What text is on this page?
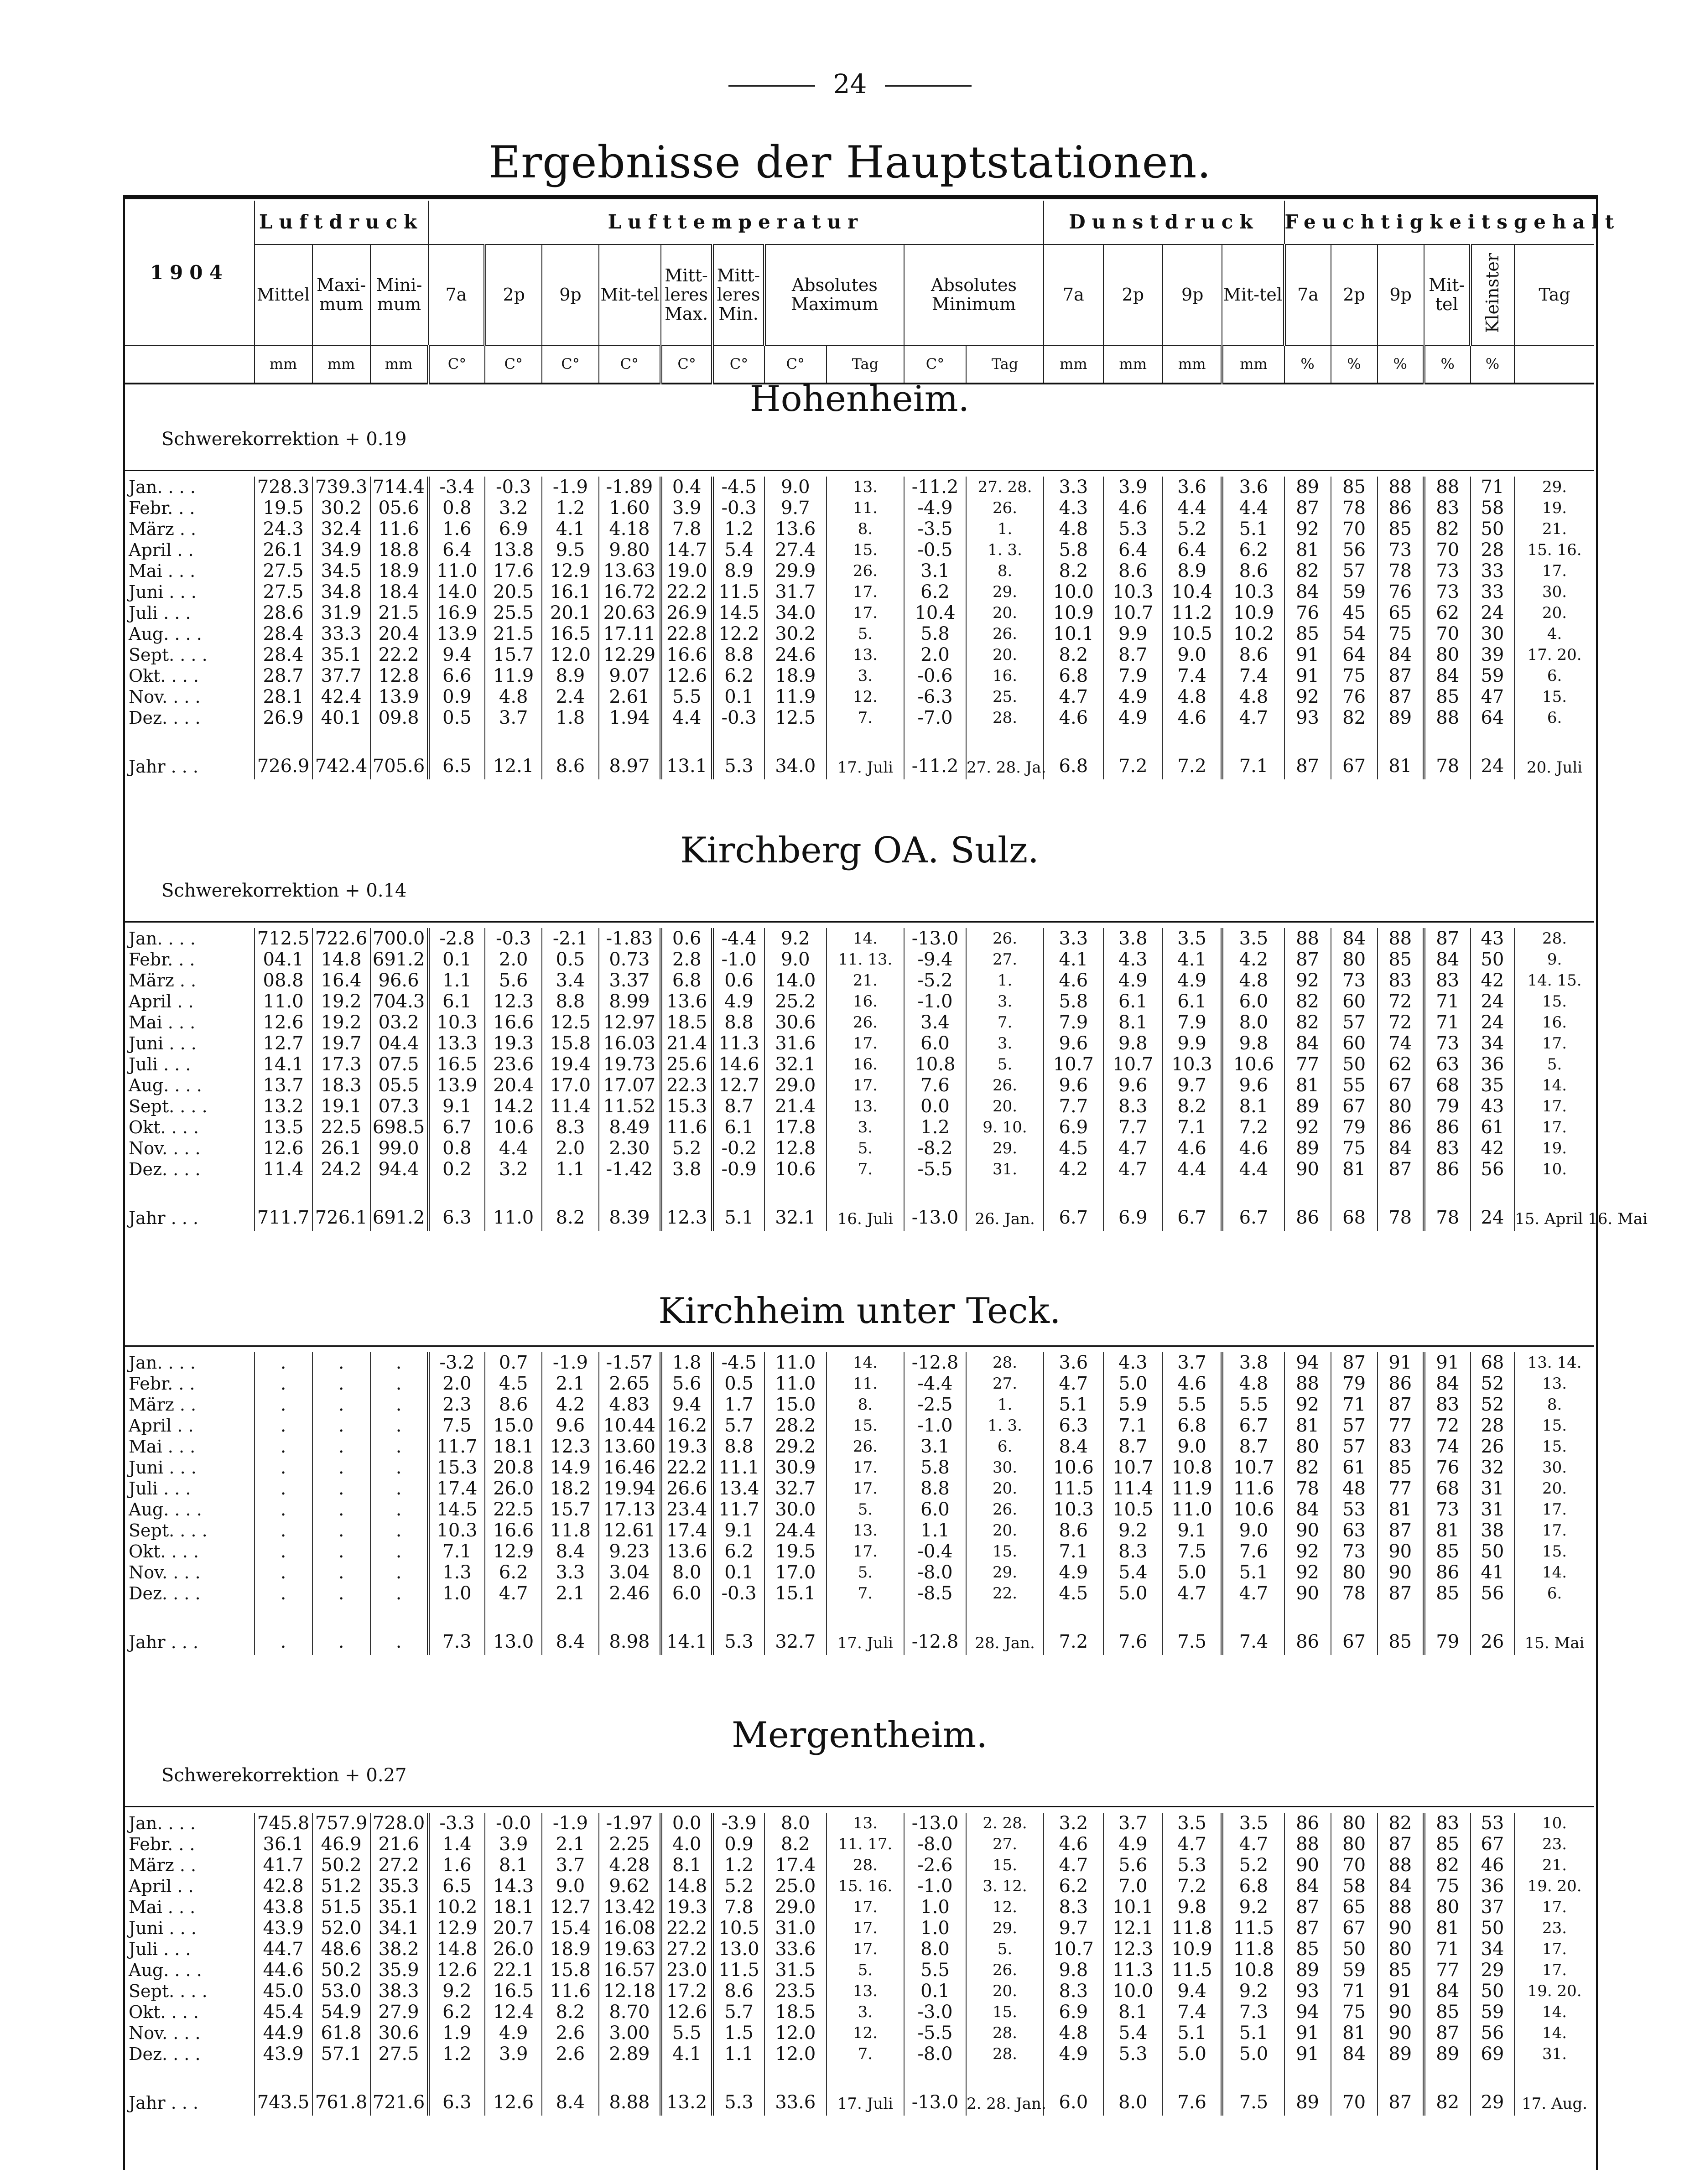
24
Ergebnisse der Hauptstationen.
1904	Luftdruck			Lufttemperatur										Dunstdruck				Feuchtigkeitsgehalt					
	Mittel	Maxi-mum	Mini-mum	7a	2p	9p	Mit-tel	Mitt-leres Max.	Mitt-leres Min.	Absolutes Maximum		Absolutes Minimum		7a	2p	9p	Mit-tel	7a	2p	9p	Mit-tel	Kleinster	Tag
	mm	mm	mm	C°	C°	C°	C°	C°	C°	C°	Tag	C°	Tag	mm	mm	mm	mm	%	%	%	%	%	
Hohenheim.
Schwerekorrektion + 0.19
Jan. . . .	728.3	739.3	714.4	-3.4	-0.3	-1.9	-1.89	0.4	-4.5	9.0	13.	-11.2	27. 28.	3.3	3.9	3.6	3.6	89	85	88	88	71	29.
Febr. . .	19.5	30.2	05.6	0.8	3.2	1.2	1.60	3.9	-0.3	9.7	11.	-4.9	26.	4.3	4.6	4.4	4.4	87	78	86	83	58	19.
März . .	24.3	32.4	11.6	1.6	6.9	4.1	4.18	7.8	1.2	13.6	8.	-3.5	1.	4.8	5.3	5.2	5.1	92	70	85	82	50	21.
April . .	26.1	34.9	18.8	6.4	13.8	9.5	9.80	14.7	5.4	27.4	15.	-0.5	1. 3.	5.8	6.4	6.4	6.2	81	56	73	70	28	15. 16.
Mai . . .	27.5	34.5	18.9	11.0	17.6	12.9	13.63	19.0	8.9	29.9	26.	3.1	8.	8.2	8.6	8.9	8.6	82	57	78	73	33	17.
Juni . . .	27.5	34.8	18.4	14.0	20.5	16.1	16.72	22.2	11.5	31.7	17.	6.2	29.	10.0	10.3	10.4	10.3	84	59	76	73	33	30.
Juli . . .	28.6	31.9	21.5	16.9	25.5	20.1	20.63	26.9	14.5	34.0	17.	10.4	20.	10.9	10.7	11.2	10.9	76	45	65	62	24	20.
Aug. . . .	28.4	33.3	20.4	13.9	21.5	16.5	17.11	22.8	12.2	30.2	5.	5.8	26.	10.1	9.9	10.5	10.2	85	54	75	70	30	4.
Sept. . . .	28.4	35.1	22.2	9.4	15.7	12.0	12.29	16.6	8.8	24.6	13.	2.0	20.	8.2	8.7	9.0	8.6	91	64	84	80	39	17. 20.
Okt. . . .	28.7	37.7	12.8	6.6	11.9	8.9	9.07	12.6	6.2	18.9	3.	-0.6	16.	6.8	7.9	7.4	7.4	91	75	87	84	59	6.
Nov. . . .	28.1	42.4	13.9	0.9	4.8	2.4	2.61	5.5	0.1	11.9	12.	-6.3	25.	4.7	4.9	4.8	4.8	92	76	87	85	47	15.
Dez. . . .	26.9	40.1	09.8	0.5	3.7	1.8	1.94	4.4	-0.3	12.5	7.	-7.0	28.	4.6	4.9	4.6	4.7	93	82	89	88	64	6.

Jahr . . .	726.9	742.4	705.6	6.5	12.1	8.6	8.97	13.1	5.3	34.0	17. Juli	-11.2	27. 28. Ja.	6.8	7.2	7.2	7.1	87	67	81	78	24	20. Juli
Kirchberg OA. Sulz.
Schwerekorrektion + 0.14
Jan. . . .	712.5	722.6	700.0	-2.8	-0.3	-2.1	-1.83	0.6	-4.4	9.2	14.	-13.0	26.	3.3	3.8	3.5	3.5	88	84	88	87	43	28.
Febr. . .	04.1	14.8	691.2	0.1	2.0	0.5	0.73	2.8	-1.0	9.0	11. 13.	-9.4	27.	4.1	4.3	4.1	4.2	87	80	85	84	50	9.
März . .	08.8	16.4	96.6	1.1	5.6	3.4	3.37	6.8	0.6	14.0	21.	-5.2	1.	4.6	4.9	4.9	4.8	92	73	83	83	42	14. 15.
April . .	11.0	19.2	704.3	6.1	12.3	8.8	8.99	13.6	4.9	25.2	16.	-1.0	3.	5.8	6.1	6.1	6.0	82	60	72	71	24	15.
Mai . . .	12.6	19.2	03.2	10.3	16.6	12.5	12.97	18.5	8.8	30.6	26.	3.4	7.	7.9	8.1	7.9	8.0	82	57	72	71	24	16.
Juni . . .	12.7	19.7	04.4	13.3	19.3	15.8	16.03	21.4	11.3	31.6	17.	6.0	3.	9.6	9.8	9.9	9.8	84	60	74	73	34	17.
Juli . . .	14.1	17.3	07.5	16.5	23.6	19.4	19.73	25.6	14.6	32.1	16.	10.8	5.	10.7	10.7	10.3	10.6	77	50	62	63	36	5.
Aug. . . .	13.7	18.3	05.5	13.9	20.4	17.0	17.07	22.3	12.7	29.0	17.	7.6	26.	9.6	9.6	9.7	9.6	81	55	67	68	35	14.
Sept. . . .	13.2	19.1	07.3	9.1	14.2	11.4	11.52	15.3	8.7	21.4	13.	0.0	20.	7.7	8.3	8.2	8.1	89	67	80	79	43	17.
Okt. . . .	13.5	22.5	698.5	6.7	10.6	8.3	8.49	11.6	6.1	17.8	3.	1.2	9. 10.	6.9	7.7	7.1	7.2	92	79	86	86	61	17.
Nov. . . .	12.6	26.1	99.0	0.8	4.4	2.0	2.30	5.2	-0.2	12.8	5.	-8.2	29.	4.5	4.7	4.6	4.6	89	75	84	83	42	19.
Dez. . . .	11.4	24.2	94.4	0.2	3.2	1.1	-1.42	3.8	-0.9	10.6	7.	-5.5	31.	4.2	4.7	4.4	4.4	90	81	87	86	56	10.

Jahr . . .	711.7	726.1	691.2	6.3	11.0	8.2	8.39	12.3	5.1	32.1	16. Juli	-13.0	26. Jan.	6.7	6.9	6.7	6.7	86	68	78	78	24	15. April 16. Mai
Kirchheim unter Teck.
Jan. . . .	.	.	.	-3.2	0.7	-1.9	-1.57	1.8	-4.5	11.0	14.	-12.8	28.	3.6	4.3	3.7	3.8	94	87	91	91	68	13. 14.
Febr. . .	.	.	.	2.0	4.5	2.1	2.65	5.6	0.5	11.0	11.	-4.4	27.	4.7	5.0	4.6	4.8	88	79	86	84	52	13.
März . .	.	.	.	2.3	8.6	4.2	4.83	9.4	1.7	15.0	8.	-2.5	1.	5.1	5.9	5.5	5.5	92	71	87	83	52	8.
April . .	.	.	.	7.5	15.0	9.6	10.44	16.2	5.7	28.2	15.	-1.0	1. 3.	6.3	7.1	6.8	6.7	81	57	77	72	28	15.
Mai . . .	.	.	.	11.7	18.1	12.3	13.60	19.3	8.8	29.2	26.	3.1	6.	8.4	8.7	9.0	8.7	80	57	83	74	26	15.
Juni . . .	.	.	.	15.3	20.8	14.9	16.46	22.2	11.1	30.9	17.	5.8	30.	10.6	10.7	10.8	10.7	82	61	85	76	32	30.
Juli . . .	.	.	.	17.4	26.0	18.2	19.94	26.6	13.4	32.7	17.	8.8	20.	11.5	11.4	11.9	11.6	78	48	77	68	31	20.
Aug. . . .	.	.	.	14.5	22.5	15.7	17.13	23.4	11.7	30.0	5.	6.0	26.	10.3	10.5	11.0	10.6	84	53	81	73	31	17.
Sept. . . .	.	.	.	10.3	16.6	11.8	12.61	17.4	9.1	24.4	13.	1.1	20.	8.6	9.2	9.1	9.0	90	63	87	81	38	17.
Okt. . . .	.	.	.	7.1	12.9	8.4	9.23	13.6	6.2	19.5	17.	-0.4	15.	7.1	8.3	7.5	7.6	92	73	90	85	50	15.
Nov. . . .	.	.	.	1.3	6.2	3.3	3.04	8.0	0.1	17.0	5.	-8.0	29.	4.9	5.4	5.0	5.1	92	80	90	86	41	14.
Dez. . . .	.	.	.	1.0	4.7	2.1	2.46	6.0	-0.3	15.1	7.	-8.5	22.	4.5	5.0	4.7	4.7	90	78	87	85	56	6.

Jahr . . .	.	.	.	7.3	13.0	8.4	8.98	14.1	5.3	32.7	17. Juli	-12.8	28. Jan.	7.2	7.6	7.5	7.4	86	67	85	79	26	15. Mai
Mergentheim.
Schwerekorrektion + 0.27
Jan. . . .	745.8	757.9	728.0	-3.3	-0.0	-1.9	-1.97	0.0	-3.9	8.0	13.	-13.0	2. 28.	3.2	3.7	3.5	3.5	86	80	82	83	53	10.
Febr. . .	36.1	46.9	21.6	1.4	3.9	2.1	2.25	4.0	0.9	8.2	11. 17.	-8.0	27.	4.6	4.9	4.7	4.7	88	80	87	85	67	23.
März . .	41.7	50.2	27.2	1.6	8.1	3.7	4.28	8.1	1.2	17.4	28.	-2.6	15.	4.7	5.6	5.3	5.2	90	70	88	82	46	21.
April . .	42.8	51.2	35.3	6.5	14.3	9.0	9.62	14.8	5.2	25.0	15. 16.	-1.0	3. 12.	6.2	7.0	7.2	6.8	84	58	84	75	36	19. 20.
Mai . . .	43.8	51.5	35.1	10.2	18.1	12.7	13.42	19.3	7.8	29.0	17.	1.0	12.	8.3	10.1	9.8	9.2	87	65	88	80	37	17.
Juni . . .	43.9	52.0	34.1	12.9	20.7	15.4	16.08	22.2	10.5	31.0	17.	1.0	29.	9.7	12.1	11.8	11.5	87	67	90	81	50	23.
Juli . . .	44.7	48.6	38.2	14.8	26.0	18.9	19.63	27.2	13.0	33.6	17.	8.0	5.	10.7	12.3	10.9	11.8	85	50	80	71	34	17.
Aug. . . .	44.6	50.2	35.9	12.6	22.1	15.8	16.57	23.0	11.5	31.5	5.	5.5	26.	9.8	11.3	11.5	10.8	89	59	85	77	29	17.
Sept. . . .	45.0	53.0	38.3	9.2	16.5	11.6	12.18	17.2	8.6	23.5	13.	0.1	20.	8.3	10.0	9.4	9.2	93	71	91	84	50	19. 20.
Okt. . . .	45.4	54.9	27.9	6.2	12.4	8.2	8.70	12.6	5.7	18.5	3.	-3.0	15.	6.9	8.1	7.4	7.3	94	75	90	85	59	14.
Nov. . . .	44.9	61.8	30.6	1.9	4.9	2.6	3.00	5.5	1.5	12.0	12.	-5.5	28.	4.8	5.4	5.1	5.1	91	81	90	87	56	14.
Dez. . . .	43.9	57.1	27.5	1.2	3.9	2.6	2.89	4.1	1.1	12.0	7.	-8.0	28.	4.9	5.3	5.0	5.0	91	84	89	89	69	31.

Jahr . . .	743.5	761.8	721.6	6.3	12.6	8.4	8.88	13.2	5.3	33.6	17. Juli	-13.0	2. 28. Jan.	6.0	8.0	7.6	7.5	89	70	87	82	29	17. Aug.
